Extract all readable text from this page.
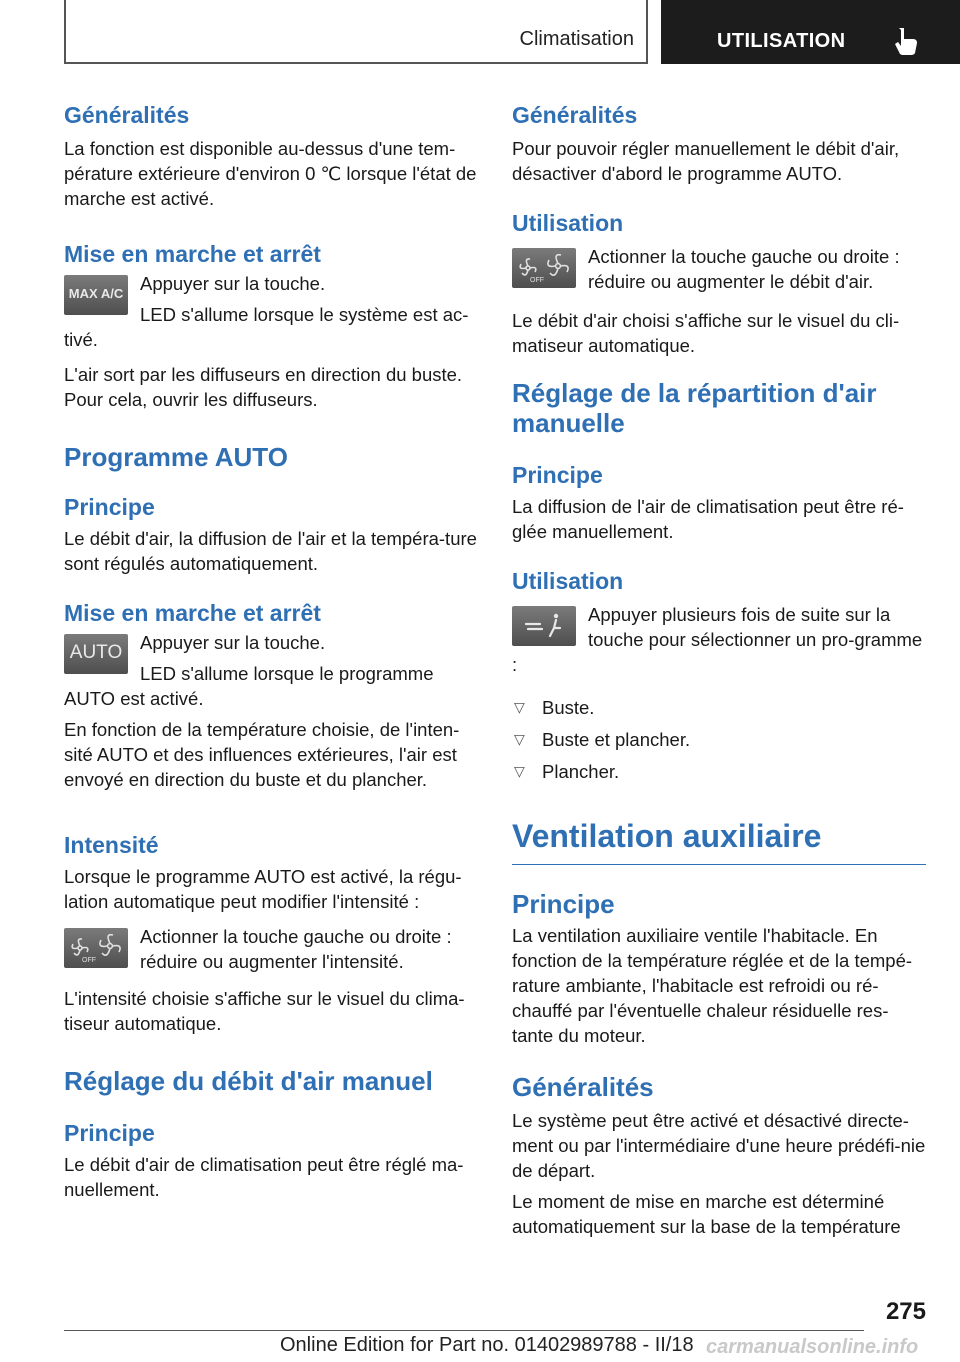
Climatisation	UTILISATION
Généralités

La fonction est disponible au-dessus d'une tem-pérature extérieure d'environ 0 ℃ lorsque l'état de marche est activé.

Mise en marche et arrêt
MAX A/C Appuyer sur la touche.

LED s'allume lorsque le système est ac-tivé.

L'air sort par les diffuseurs en direction du buste. Pour cela, ouvrir les diffuseurs.

Programme AUTO
Principe

Le débit d'air, la diffusion de l'air et la tempéra-ture sont régulés automatiquement.

Mise en marche et arrêt
AUTO Appuyer sur la touche.

LED s'allume lorsque le programme AUTO est activé.

En fonction de la température choisie, de l'inten-sité AUTO et des influences extérieures, l'air est envoyé en direction du buste et du plancher.

Intensité

Lorsque le programme AUTO est activé, la régu-lation automatique peut modifier l'intensité :

OFF

Actionner la touche gauche ou droite : réduire ou augmenter l'intensité.

L'intensité choisie s'affiche sur le visuel du clima-tiseur automatique.

Réglage du débit d'air manuel
Principe

Le débit d'air de climatisation peut être réglé ma-nuellement.

Généralités

Pour pouvoir régler manuellement le débit d'air, désactiver d'abord le programme AUTO.

Utilisation
OFF

Actionner la touche gauche ou droite : réduire ou augmenter le débit d'air.

Le débit d'air choisi s'affiche sur le visuel du cli-matiseur automatique.

Réglage de la répartition d'air manuelle
Principe

La diffusion de l'air de climatisation peut être ré-glée manuellement.

Utilisation

Appuyer plusieurs fois de suite sur la touche pour sélectionner un pro-gramme :

▽ Buste.

▽ Buste et plancher.

▽ Plancher.

Ventilation auxiliaire
Principe

La ventilation auxiliaire ventile l'habitacle. En fonction de la température réglée et de la tempé-rature ambiante, l'habitacle est refroidi ou ré-chauffé par l'éventuelle chaleur résiduelle res-tante du moteur.

Généralités

Le système peut être activé et désactivé directe-ment ou par l'intermédiaire d'une heure prédéfi-nie de départ.

Le moment de mise en marche est déterminé automatiquement sur la base de la température

275
Online Edition for Part no. 01402989788 - II/18 carmanualsonline.info
